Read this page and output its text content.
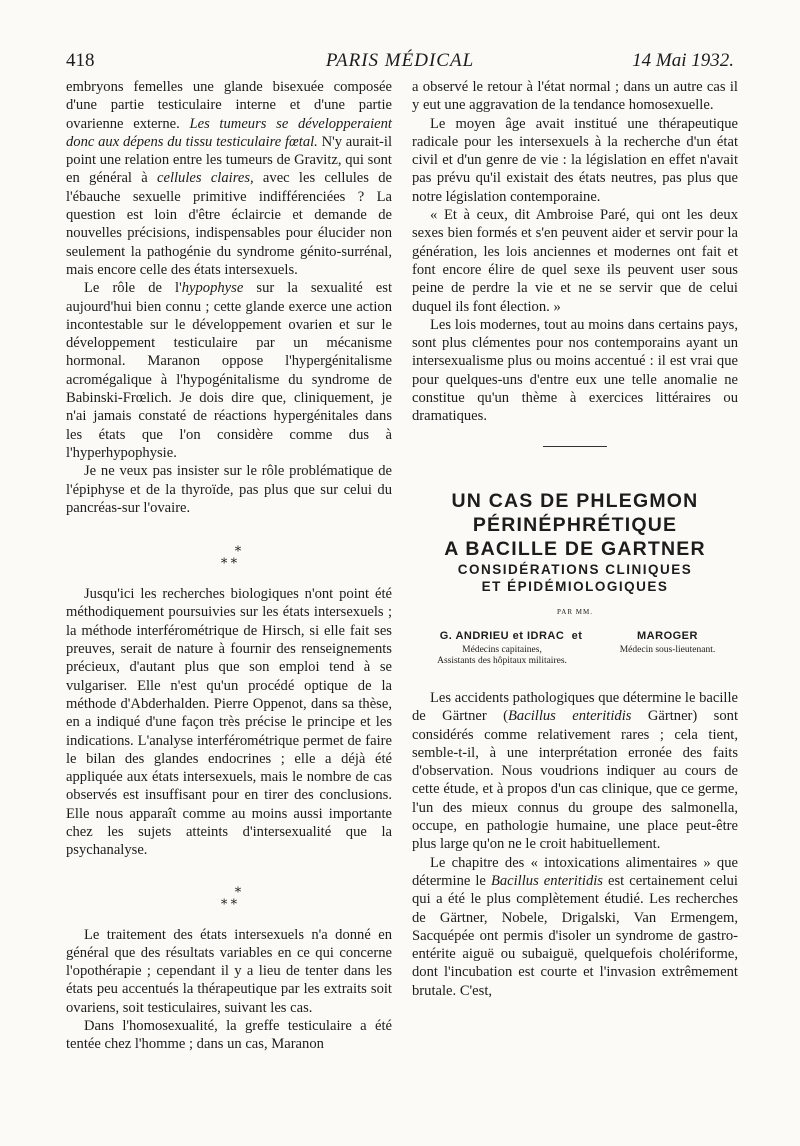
418	PARIS MÉDICAL	14 Mai 1932.

embryons femelles une glande bisexuée composée d'une partie testiculaire interne et d'une partie ovarienne externe. Les tumeurs se développeraient donc aux dépens du tissu testiculaire fœtal. N'y aurait-il point une relation entre les tumeurs de Gravitz, qui sont en général à cellules claires, avec les cellules de l'ébauche sexuelle primitive indifférenciées ? La question est loin d'être éclaircie et demande de nouvelles précisions, indispensables pour élucider non seulement la pathogénie du syndrome génito-surrénal, mais encore celle des états intersexuels.

Le rôle de l'hypophyse sur la sexualité est aujourd'hui bien connu ; cette glande exerce une action incontestable sur le développement ovarien et sur le développement testiculaire par un mécanisme hormonal. Maranon oppose l'hypergénitalisme acromégalique à l'hypogénitalisme du syndrome de Babinski-Frœlich. Je dois dire que, cliniquement, je n'ai jamais constaté de réactions hypergénitales dans les états que l'on considère comme dus à l'hyperhypophysie.

Je ne veux pas insister sur le rôle problématique de l'épiphyse et de la thyroïde, pas plus que sur celui du pancréas-sur l'ovaire.

⁎
⁎ ⁎

Jusqu'ici les recherches biologiques n'ont point été méthodiquement poursuivies sur les états intersexuels ; la méthode interférométrique de Hirsch, si elle fait ses preuves, serait de nature à fournir des renseignements précieux, d'autant plus que son emploi tend à se vulgariser. Elle n'est qu'un procédé optique de la méthode d'Abderhalden. Pierre Oppenot, dans sa thèse, en a indiqué d'une façon très précise le principe et les indications. L'analyse interférométrique permet de faire le bilan des glandes endocrines ; elle a déjà été appliquée aux états intersexuels, mais le nombre de cas observés est insuffisant pour en tirer des conclusions. Elle nous apparaît comme au moins aussi importante chez les sujets atteints d'intersexualité que la psychanalyse.

⁎
⁎ ⁎

Le traitement des états intersexuels n'a donné en général que des résultats variables en ce qui concerne l'opothérapie ; cependant il y a lieu de tenter dans les états peu accentués la thérapeutique par les extraits soit ovariens, soit testiculaires, suivant les cas.

Dans l'homosexualité, la greffe testiculaire a été tentée chez l'homme ; dans un cas, Maranon

a observé le retour à l'état normal ; dans un autre cas il y eut une aggravation de la tendance homosexuelle.

Le moyen âge avait institué une thérapeutique radicale pour les intersexuels à la recherche d'un état civil et d'un genre de vie : la législation en effet n'avait pas prévu qu'il existait des états neutres, pas plus que notre législation contemporaine.

« Et à ceux, dit Ambroise Paré, qui ont les deux sexes bien formés et s'en peuvent aider et servir pour la génération, les lois anciennes et modernes ont fait et font encore élire de quel sexe ils peuvent user sous peine de perdre la vie et ne se servir que de celui duquel ils font élection. »

Les lois modernes, tout au moins dans certains pays, sont plus clémentes pour nos contemporains ayant un intersexualisme plus ou moins accentué : il est vrai que pour quelques-uns d'entre eux une telle anomalie ne constitue qu'un thème à exercices littéraires ou dramatiques.

UN CAS DE PHLEGMON
PÉRINÉPHRÉTIQUE
A BACILLE DE GARTNER
CONSIDÉRATIONS CLINIQUES
ET ÉPIDÉMIOLOGIQUES
PAR MM.
G. ANDRIEU et IDRAC
Médecins capitaines,
Assistants des hôpitaux militaires.
et	MAROGER
Médecin sous-lieutenant.

Les accidents pathologiques que détermine le bacille de Gärtner (Bacillus enteritidis Gärtner) sont considérés comme relativement rares ; cela tient, semble-t-il, à une interprétation erronée des faits d'observation. Nous voudrions indiquer au cours de cette étude, et à propos d'un cas clinique, que ce germe, l'un des mieux connus du groupe des salmonella, occupe, en pathologie humaine, une place peut-être plus large qu'on ne le croit habituellement.

Le chapitre des « intoxications alimentaires » que détermine le Bacillus enteritidis est certainement celui qui a été le plus complètement étudié. Les recherches de Gärtner, Nobele, Drigalski, Van Ermengem, Sacquépée ont permis d'isoler un syndrome de gastro-entérite aiguë ou subaiguë, quelquefois cholériforme, dont l'incubation est courte et l'invasion extrêmement brutale. C'est,
